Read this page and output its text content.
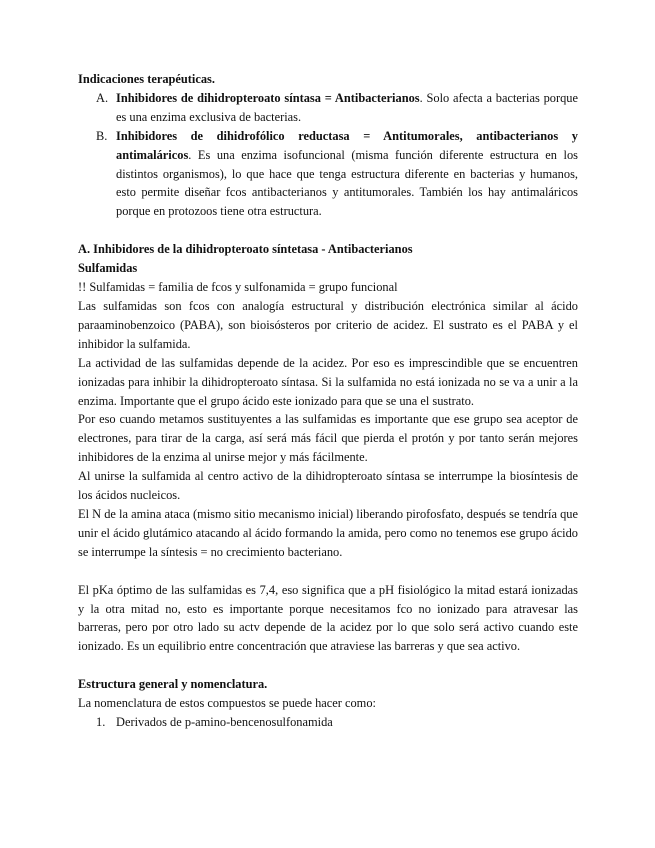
Indicaciones terapéuticas.

A. Inhibidores de dihidropteroato síntasa = Antibacterianos. Solo afecta a bacterias porque es una enzima exclusiva de bacterias.
B. Inhibidores de dihidrofólico reductasa = Antitumorales, antibacterianos y antimaláricos. Es una enzima isofuncional (misma función diferente estructura en los distintos organismos), lo que hace que tenga estructura diferente en bacterias y humanos, esto permite diseñar fcos antibacterianos y antitumorales. También los hay antimaláricos porque en protozoos tiene otra estructura.

A. Inhibidores de la dihidropteroato síntetasa - Antibacterianos

Sulfamidas

!! Sulfamidas = familia de fcos y sulfonamida = grupo funcional

Las sulfamidas son fcos con analogía estructural y distribución electrónica similar al ácido paraaminobenzoico (PABA), son bioisósteros por criterio de acidez. El sustrato es el PABA y el inhibidor la sulfamida.

La actividad de las sulfamidas depende de la acidez. Por eso es imprescindible que se encuentren ionizadas para inhibir la dihidropteroato síntasa. Si la sulfamida no está ionizada no se va a unir a la enzima. Importante que el grupo ácido este ionizado para que se una el sustrato.

Por eso cuando metamos sustituyentes a las sulfamidas es importante que ese grupo sea aceptor de electrones, para tirar de la carga, así será más fácil que pierda el protón y por tanto serán mejores inhibidores de la enzima al unirse mejor y más fácilmente.

Al unirse la sulfamida al centro activo de la dihidropteroato síntasa se interrumpe la biosíntesis de los ácidos nucleicos.

El N de la amina ataca (mismo sitio mecanismo inicial) liberando pirofosfato, después se tendría que unir el ácido glutámico atacando al ácido formando la amida, pero como no tenemos ese grupo ácido se interrumpe la síntesis = no crecimiento bacteriano.

El pKa óptimo de las sulfamidas es 7,4, eso significa que a pH fisiológico la mitad estará ionizadas y la otra mitad no, esto es importante porque necesitamos fco no ionizado para atravesar las barreras, pero por otro lado su actv depende de la acidez por lo que solo será activo cuando este ionizado. Es un equilibrio entre concentración que atraviese las barreras y que sea activo.

Estructura general y nomenclatura.

La nomenclatura de estos compuestos se puede hacer como:

1. Derivados de p-amino-bencenosulfonamida
